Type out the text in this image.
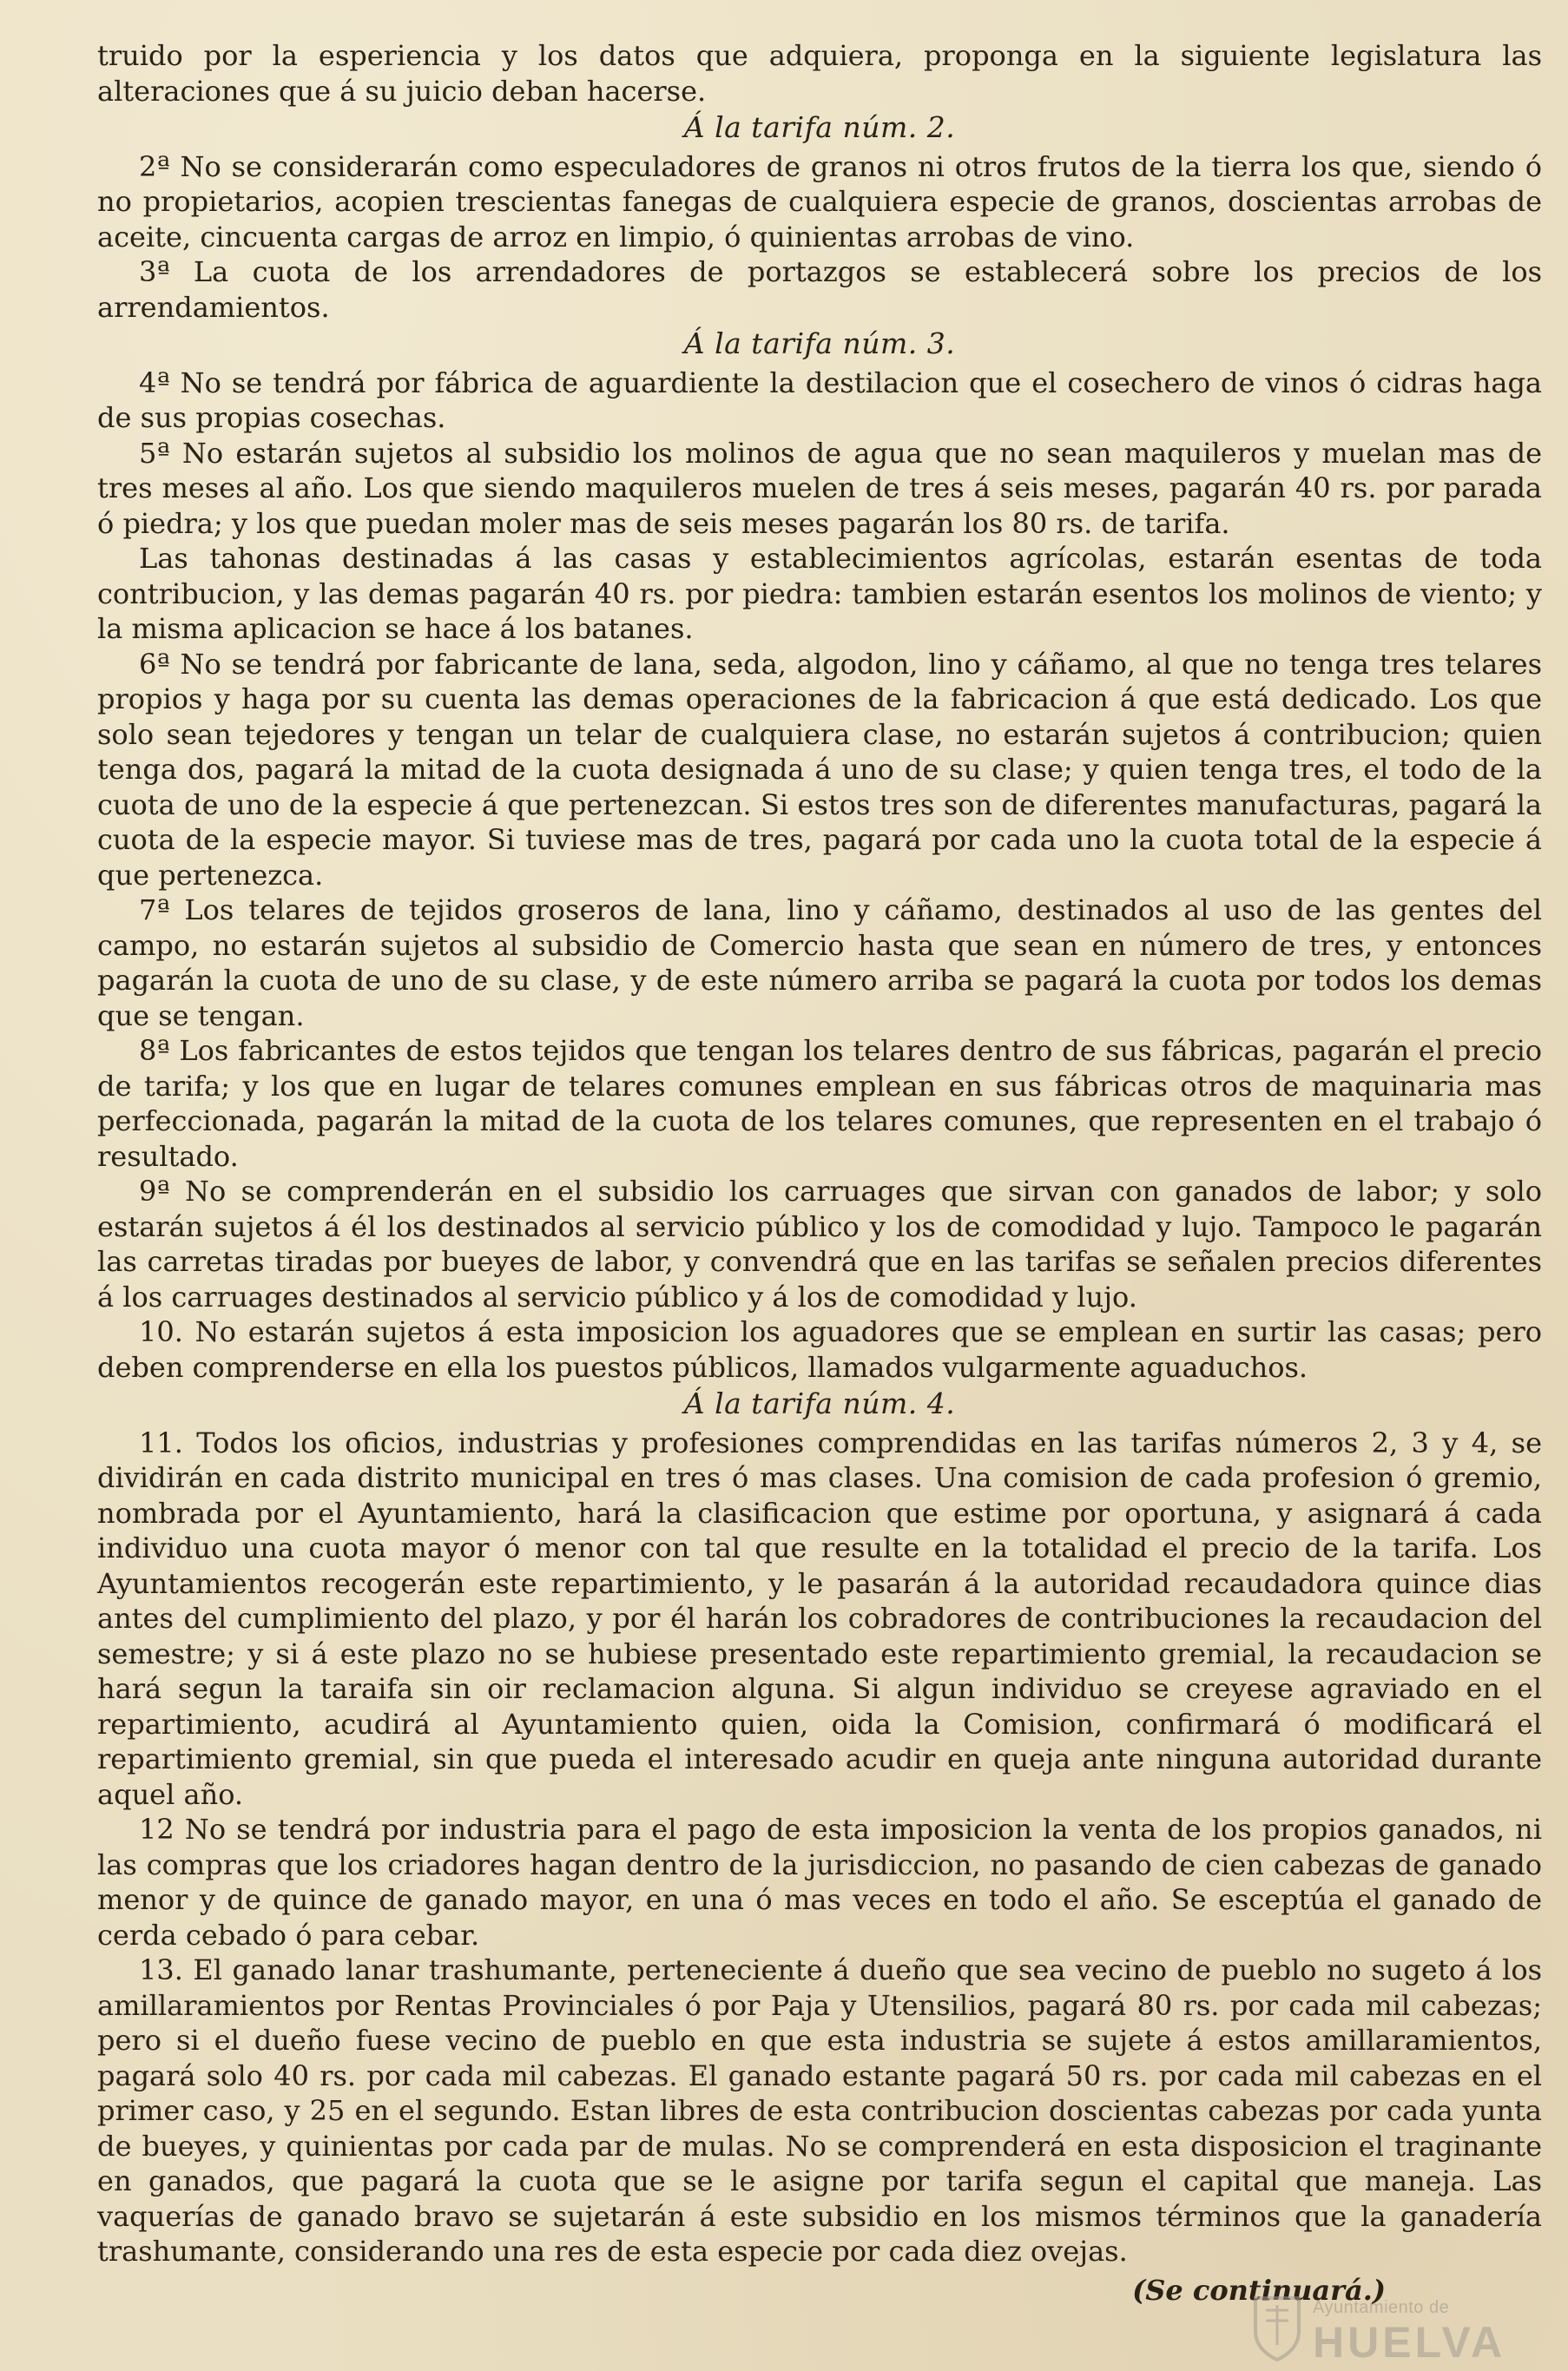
truido por la esperiencia y los datos que adquiera, proponga en la siguiente legislatura las alteraciones que á su juicio deban hacerse.

Á la tarifa núm. 2.

2ª No se considerarán como especuladores de granos ni otros frutos de la tierra los que, siendo ó no propietarios, acopien trescientas fanegas de cualquiera especie de granos, doscientas arrobas de aceite, cincuenta cargas de arroz en limpio, ó quinientas arrobas de vino.

3ª La cuota de los arrendadores de portazgos se establecerá sobre los precios de los arrendamientos.

Á la tarifa núm. 3.

4ª No se tendrá por fábrica de aguardiente la destilacion que el cosechero de vinos ó cidras haga de sus propias cosechas.

5ª No estarán sujetos al subsidio los molinos de agua que no sean maquileros y muelan mas de tres meses al año. Los que siendo maquileros muelen de tres á seis meses, pagarán 40 rs. por parada ó piedra; y los que puedan moler mas de seis meses pagarán los 80 rs. de tarifa.

Las tahonas destinadas á las casas y establecimientos agrícolas, estarán esentas de toda contribucion, y las demas pagarán 40 rs. por piedra: tambien estarán esentos los molinos de viento; y la misma aplicacion se hace á los batanes.

6ª No se tendrá por fabricante de lana, seda, algodon, lino y cáñamo, al que no tenga tres telares propios y haga por su cuenta las demas operaciones de la fabricacion á que está dedicado. Los que solo sean tejedores y tengan un telar de cualquiera clase, no estarán sujetos á contribucion; quien tenga dos, pagará la mitad de la cuota designada á uno de su clase; y quien tenga tres, el todo de la cuota de uno de la especie á que pertenezcan. Si estos tres son de diferentes manufacturas, pagará la cuota de la especie mayor. Si tuviese mas de tres, pagará por cada uno la cuota total de la especie á que pertenezca.

7ª Los telares de tejidos groseros de lana, lino y cáñamo, destinados al uso de las gentes del campo, no estarán sujetos al subsidio de Comercio hasta que sean en número de tres, y entonces pagarán la cuota de uno de su clase, y de este número arriba se pagará la cuota por todos los demas que se tengan.

8ª Los fabricantes de estos tejidos que tengan los telares dentro de sus fábricas, pagarán el precio de tarifa; y los que en lugar de telares comunes emplean en sus fábricas otros de maquinaria mas perfeccionada, pagarán la mitad de la cuota de los telares comunes, que representen en el trabajo ó resultado.

9ª No se comprenderán en el subsidio los carruages que sirvan con ganados de labor; y solo estarán sujetos á él los destinados al servicio público y los de comodidad y lujo. Tampoco le pagarán las carretas tiradas por bueyes de labor, y convendrá que en las tarifas se señalen precios diferentes á los carruages destinados al servicio público y á los de comodidad y lujo.

10. No estarán sujetos á esta imposicion los aguadores que se emplean en surtir las casas; pero deben comprenderse en ella los puestos públicos, llamados vulgarmente aguaduchos.

Á la tarifa núm. 4.

11. Todos los oficios, industrias y profesiones comprendidas en las tarifas números 2, 3 y 4, se dividirán en cada distrito municipal en tres ó mas clases. Una comision de cada profesion ó gremio, nombrada por el Ayuntamiento, hará la clasificacion que estime por oportuna, y asignará á cada individuo una cuota mayor ó menor con tal que resulte en la totalidad el precio de la tarifa. Los Ayuntamientos recogerán este repartimiento, y le pasarán á la autoridad recaudadora quince dias antes del cumplimiento del plazo, y por él harán los cobradores de contribuciones la recaudacion del semestre; y si á este plazo no se hubiese presentado este repartimiento gremial, la recaudacion se hará segun la taraifa sin oir reclamacion alguna. Si algun individuo se creyese agraviado en el repartimiento, acudirá al Ayuntamiento quien, oida la Comision, confirmará ó modificará el repartimiento gremial, sin que pueda el interesado acudir en queja ante ninguna autoridad durante aquel año.

12 No se tendrá por industria para el pago de esta imposicion la venta de los propios ganados, ni las compras que los criadores hagan dentro de la jurisdiccion, no pasando de cien cabezas de ganado menor y de quince de ganado mayor, en una ó mas veces en todo el año. Se esceptúa el ganado de cerda cebado ó para cebar.

13. El ganado lanar trashumante, perteneciente á dueño que sea vecino de pueblo no sugeto á los amillaramientos por Rentas Provinciales ó por Paja y Utensilios, pagará 80 rs. por cada mil cabezas; pero si el dueño fuese vecino de pueblo en que esta industria se sujete á estos amillaramientos, pagará solo 40 rs. por cada mil cabezas. El ganado estante pagará 50 rs. por cada mil cabezas en el primer caso, y 25 en el segundo. Estan libres de esta contribucion doscientas cabezas por cada yunta de bueyes, y quinientas por cada par de mulas. No se comprenderá en esta disposicion el traginante en ganados, que pagará la cuota que se le asigne por tarifa segun el capital que maneja. Las vaquerías de ganado bravo se sujetarán á este subsidio en los mismos términos que la ganadería trashumante, considerando una res de esta especie por cada diez ovejas.

(Se continuará.)
Ayuntamiento de
HUELVA
